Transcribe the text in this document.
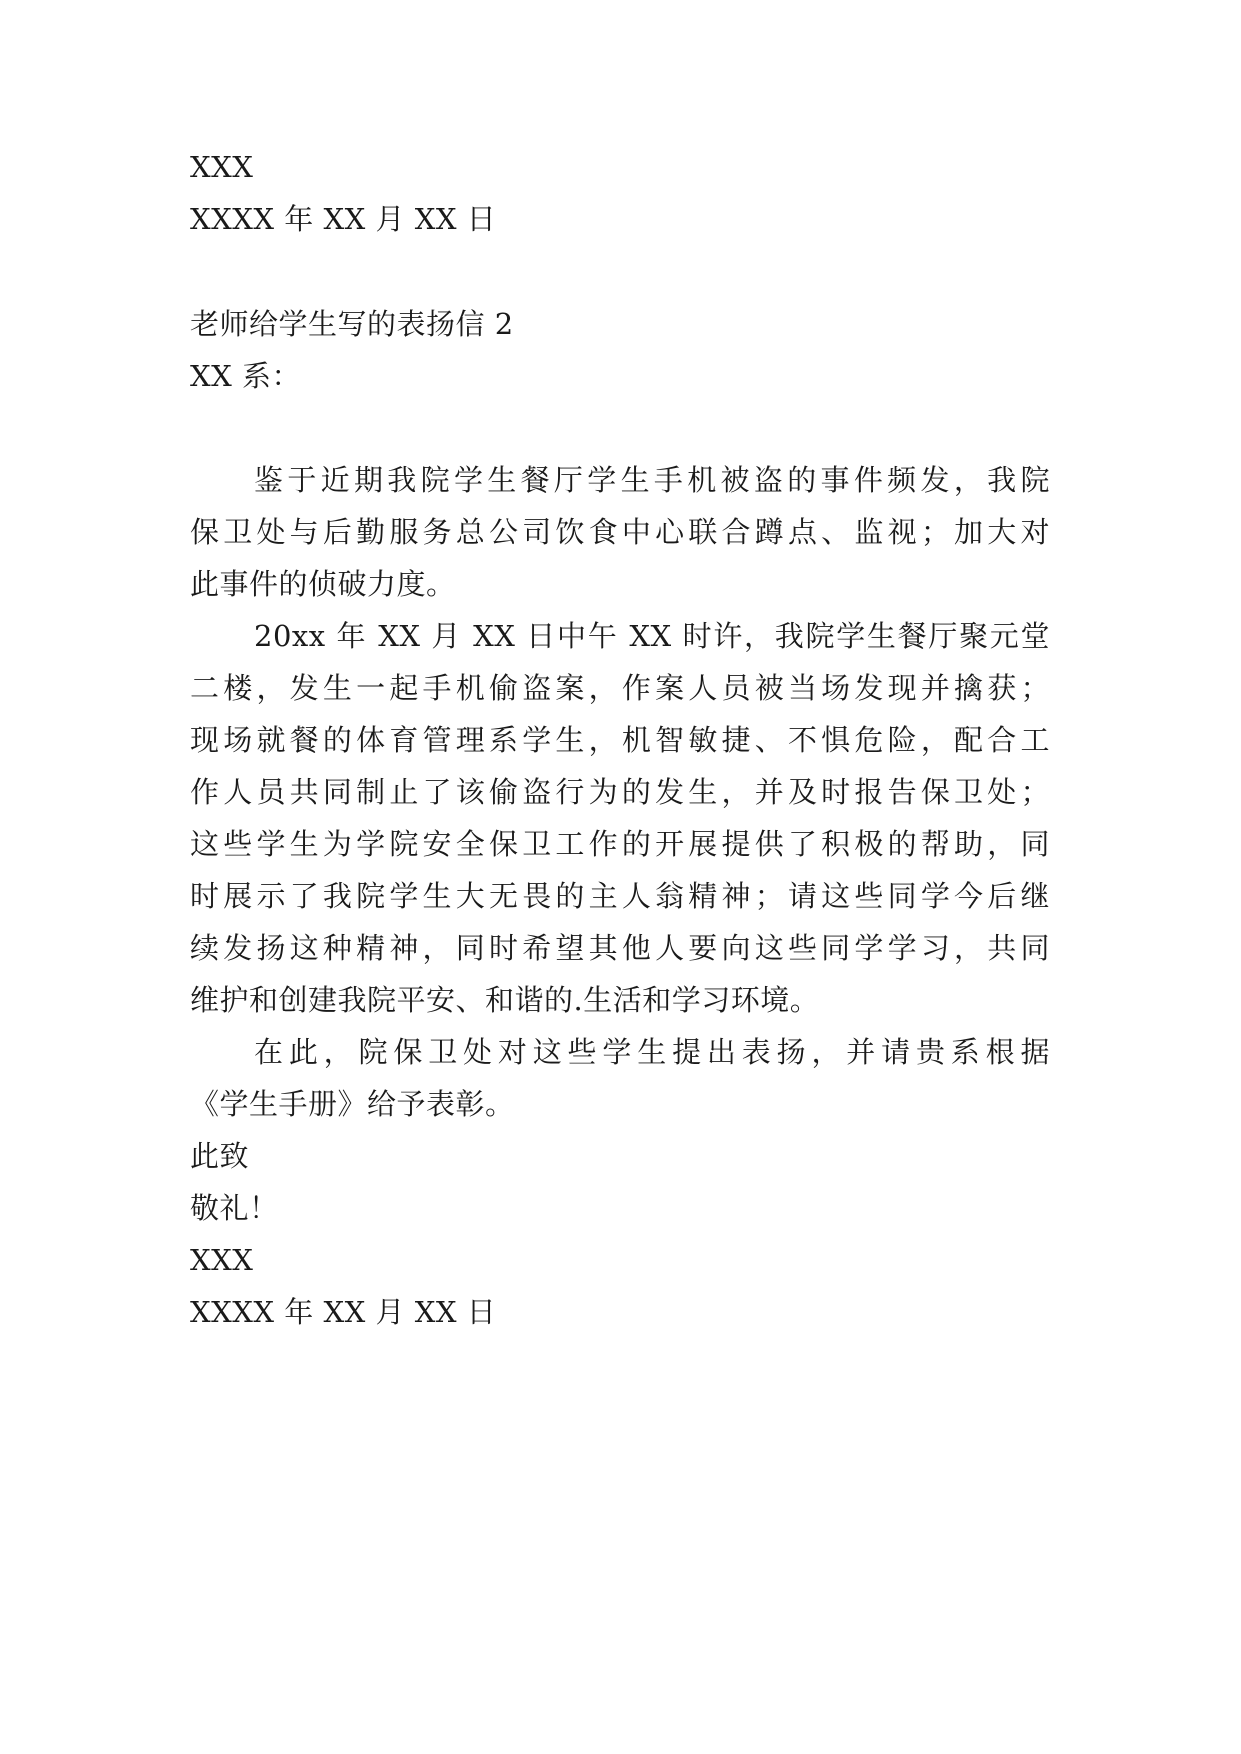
XXX
XXXX 年 XX 月 XX 日
老师给学生写的表扬信 2
XX 系：
鉴于近期我院学生餐厅学生手机被盗的事件频发，我院
保卫处与后勤服务总公司饮食中心联合蹲点、监视；加大对
此事件的侦破力度。
20xx 年 XX 月 XX 日中午 XX 时许，我院学生餐厅聚元堂
二楼，发生一起手机偷盗案，作案人员被当场发现并擒获；
现场就餐的体育管理系学生，机智敏捷、不惧危险，配合工
作人员共同制止了该偷盗行为的发生，并及时报告保卫处；
这些学生为学院安全保卫工作的开展提供了积极的帮助，同
时展示了我院学生大无畏的主人翁精神；请这些同学今后继
续发扬这种精神，同时希望其他人要向这些同学学习，共同
维护和创建我院平安、和谐的.生活和学习环境。
在此，院保卫处对这些学生提出表扬，并请贵系根据
《学生手册》给予表彰。
此致
敬礼！
XXX
XXXX 年 XX 月 XX 日
